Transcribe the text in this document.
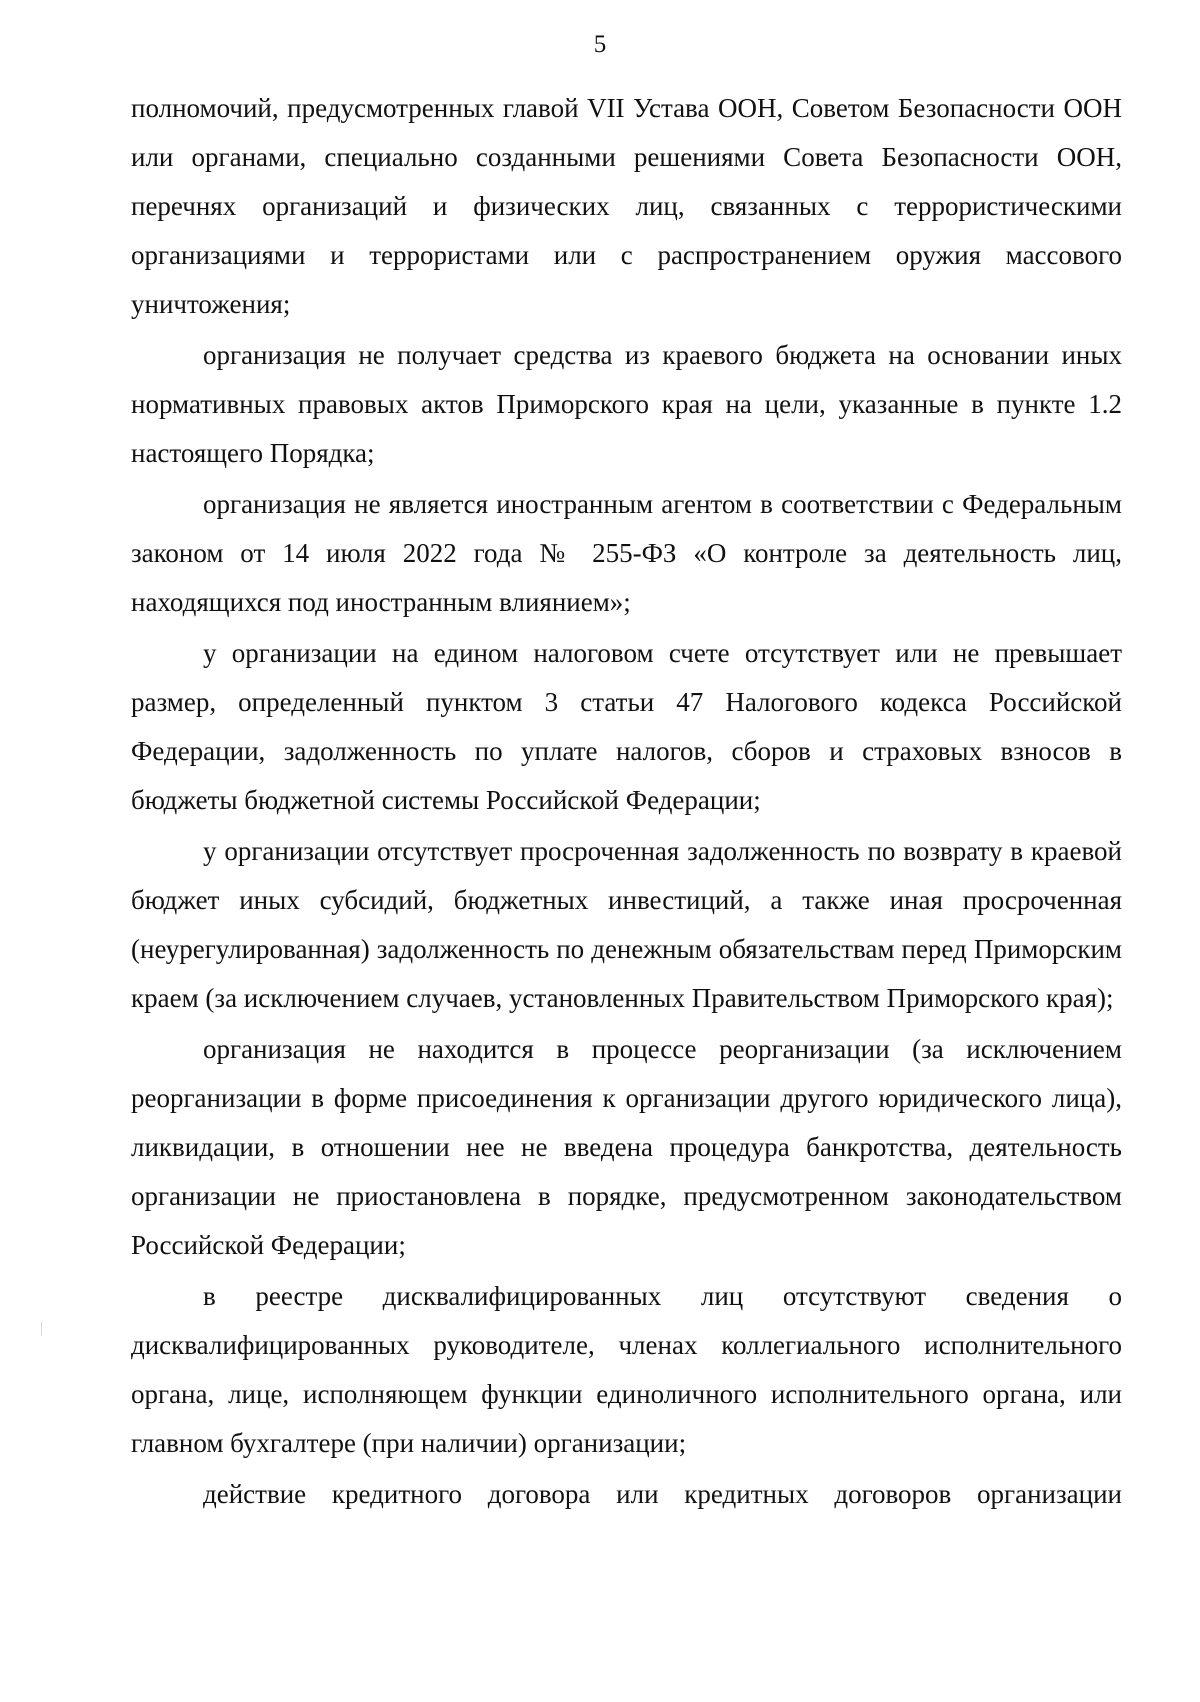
5

полномочий, предусмотренных главой VII Устава ООН, Советом Безопасности ООН или органами, специально созданными решениями Совета Безопасности ООН, перечнях организаций и физических лиц, связанных с террористическими организациями и террористами или с распространением оружия массового уничтожения;

организация не получает средства из краевого бюджета на основании иных нормативных правовых актов Приморского края на цели, указанные в пункте 1.2 настоящего Порядка;

организация не является иностранным агентом в соответствии с Федеральным законом от 14 июля 2022 года № 255-ФЗ «О контроле за деятельность лиц, находящихся под иностранным влиянием»;

у организации на едином налоговом счете отсутствует или не превышает размер, определенный пунктом 3 статьи 47 Налогового кодекса Российской Федерации, задолженность по уплате налогов, сборов и страховых взносов в бюджеты бюджетной системы Российской Федерации;

у организации отсутствует просроченная задолженность по возврату в краевой бюджет иных субсидий, бюджетных инвестиций, а также иная просроченная (неурегулированная) задолженность по денежным обязательствам перед Приморским краем (за исключением случаев, установленных Правительством Приморского края);

организация не находится в процессе реорганизации (за исключением реорганизации в форме присоединения к организации другого юридического лица), ликвидации, в отношении нее не введена процедура банкротства, деятельность организации не приостановлена в порядке, предусмотренном законодательством Российской Федерации;

в реестре дисквалифицированных лиц отсутствуют сведения о дисквалифицированных руководителе, членах коллегиального исполнительного органа, лице, исполняющем функции единоличного исполнительного органа, или главном бухгалтере (при наличии) организации;

действие кредитного договора или кредитных договоров организации
